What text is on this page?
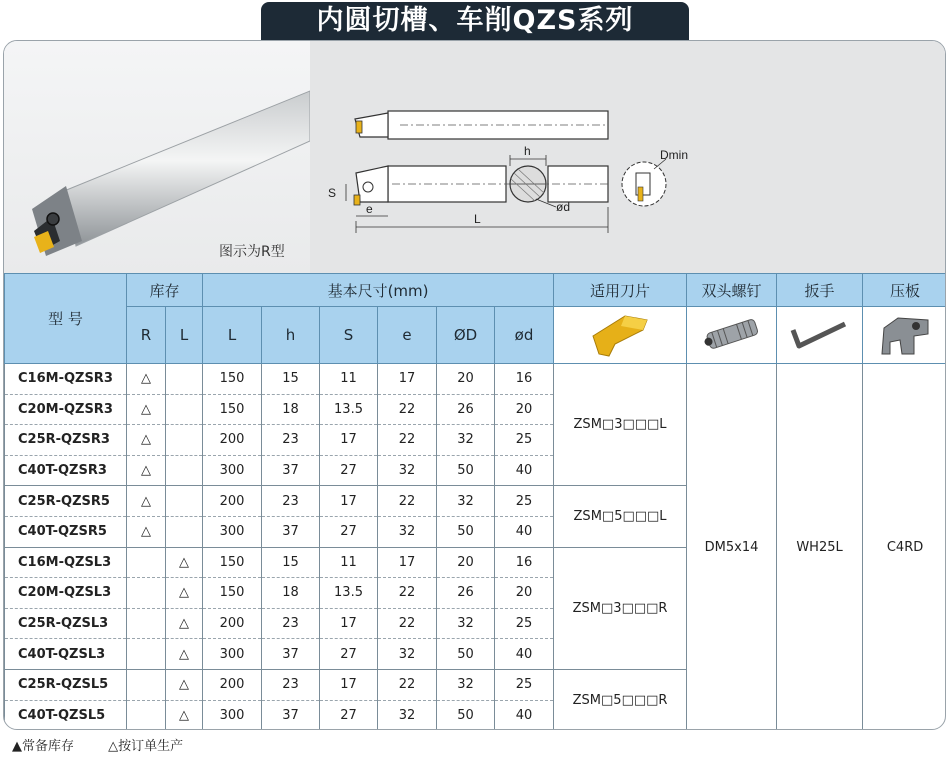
内圆切槽、车削QZS系列
图示为R型
h
S
e
L
ød
Dmin
型 号	库存		基本尺寸(mm)						适用刀片	双头螺钉	扳手	压板
	R	L	L	h	S	e	ØD	ød				
C16M-QZSR3	△		150	15	11	17	20	16	ZSM□3□□□L	DM5x14	WH25L	C4RD
C20M-QZSR3	△		150	18	13.5	22	26	20				
C25R-QZSR3	△		200	23	17	22	32	25				
C40T-QZSR3	△		300	37	27	32	50	40				
C25R-QZSR5	△		200	23	17	22	32	25	ZSM□5□□□L			
C40T-QZSR5	△		300	37	27	32	50	40				
C16M-QZSL3		△	150	15	11	17	20	16	ZSM□3□□□R			
C20M-QZSL3		△	150	18	13.5	22	26	20				
C25R-QZSL3		△	200	23	17	22	32	25				
C40T-QZSL3		△	300	37	27	32	50	40				
C25R-QZSL5		△	200	23	17	22	32	25	ZSM□5□□□R			
C40T-QZSL5		△	300	37	27	32	50	40				
▲常备库存	△按订单生产
